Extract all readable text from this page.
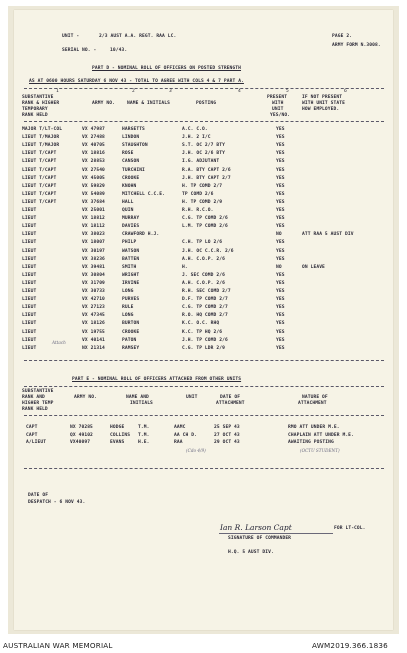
UNIT -	2/3 AUST A.A. REGT. RAA LC.	PAGE 2.
ARMY FORM N.3008.
SERIAL NO. -	10/43.
PART D - NOMINAL ROLL OF OFFICERS ON POSTED STRENGTH
AS AT 0600 HOURS SATURDAY 6 NOV 43 - TOTAL TO AGREE WITH COLS 4 & 7 PART A.
1	2	3	4	5	6
SUBSTANTIVE
RANK & HIGHER
TEMPORARY
RANK HELD
ARMY NO.	NAME & INITIALS	POSTING
PRESENT
WITH
UNIT
YES/NO.
IF NOT PRESENT
WITH UNIT STATE
HOW EMPLOYED.
MAJOR T/LT-COL	VX 47987	HARGETTS	A.C. C.O.	YES
LIEUT T/MAJOR	VX 27488	LINDON	J.H. 2 I/C	YES
LIEUT T/MAJOR	VX 40705	STAUGHTON	S.T. OC 2/7 BTY	YES
LIEUT T/CAPT	VX 18816	ROSE	J.H. OC 2/6 BTY	YES
LIEUT T/CAPT	VX 28853	CANSON	I.G. ADJUTANT	YES
LIEUT T/CAPT	VX 27540	TURCHINI	R.A. BTY CAPT 2/6	YES
LIEUT T/CAPT	VX 45005	CROOKE	J.H. BTY CAPT 2/7	YES
LIEUT T/CAPT	VX 59829	KNOHN	H. TP COMD 2/7	YES
LIEUT T/CAPT	VX 54089	MITCHELL C.C.E.	TP COMD 2/6	YES
LIEUT T/CAPT	VX 37684	HALL	H. TP COMD 2/9	YES
LIEUT	VX 25001	QUIN	R.H. R.C.O.	YES
LIEUT	VX 18812	MURRAY	C.G. TP COMD 2/6	YES
LIEUT	VX 18112	DAVIES	L.M. TP COMD 2/6	YES
LIEUT	VX 38023	CRAWFORD H.J.	NO	ATT RAA 5 AUST DIV
LIEUT	VX 18007	PHILP	C.H. TP LO 2/6	YES
LIEUT	VX 30197	WATSON	J.H. OC C.C.R. 2/6	YES
LIEUT	VX 38236	BATTEN	A.H. C.O.P. 2/6	YES
LIEUT	VX 39481	SMITH	H.	NO	ON LEAVE
LIEUT	VX 30804	WRIGHT	J. SEC COMD 2/6	YES
LIEUT	VX 31709	IRVINE	A.H. C.O.P. 2/6	YES
LIEUT	VX 30733	LONG	R.H. SEC COMD 2/7	YES
LIEUT	VX 42710	PURVES	D.F. TP COMD 2/7	YES
LIEUT	VX 27123	RULE	C.G. TP COMD 2/7	YES
LIEUT	VX 47345	LONG	R.O. HQ COMD 2/7	YES
LIEUT	VX 18126	BURTON	K.C. O.C. RHQ	YES
LIEUT	VX 19755	CROOKE	K.C. TP HQ 2/6	YES
LIEUT	VX 40141	PATON	J.H. TP COMD 2/6	YES
LIEUT	NX 21314	RAMSEY	C.G. TP LDR 2/9	YES
Attach
PART E - NOMINAL ROLL OF OFFICERS ATTACHED FROM OTHER UNITS
SUBSTANTIVE
RANK AND
HIGHER TEMP
RANK HELD
ARMY NO.	NAME AND
INITIALS
UNIT	DATE OF
ATTACHMENT
NATURE OF
ATTACHMENT
CAPT	NX 70285	HODGE	T.M.	AAMC	25 SEP 43	RMO ATT UNDER M.E.
CAPT	QX 49102	COLLINS T.M.	AA CH D.	27 OCT 43	CHAPLAIN ATT UNDER M.E.
A/LIEUT	VX40097	EVANS	H.E.	RAA	29 OCT 43	AWAITING POSTING
(Cdo 4/9)	(OCTU STUDENT)
DATE OF
DESPATCH - 6 NOV 43.
Ian R. Larson Capt	FOR LT-COL.
SIGNATURE OF COMMANDER
H.Q. 5 AUST DIV.
AUSTRALIAN WAR MEMORIAL	AWM2019.366.1836
